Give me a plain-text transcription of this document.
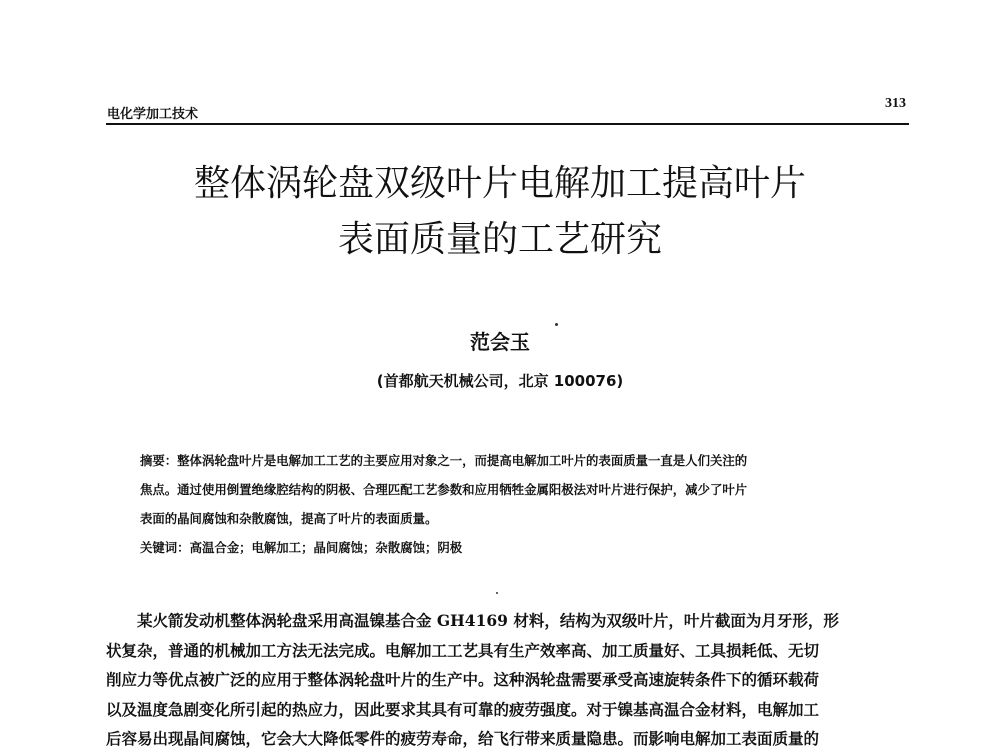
电化学加工技术
313
整体涡轮盘双级叶片电解加工提高叶片
表面质量的工艺研究
范会玉
(首都航天机械公司，北京 100076)

摘要：整体涡轮盘叶片是电解加工工艺的主要应用对象之一，而提高电解加工叶片的表面质量一直是人们关注的

焦点。通过使用倒置绝缘腔结构的阴极、合理匹配工艺参数和应用牺牲金属阳极法对叶片进行保护，减少了叶片

表面的晶间腐蚀和杂散腐蚀，提高了叶片的表面质量。

关键词：高温合金；电解加工；晶间腐蚀；杂散腐蚀；阴极

某火箭发动机整体涡轮盘采用高温镍基合金 GH4169 材料，结构为双级叶片，叶片截面为月牙形，形

状复杂，普通的机械加工方法无法完成。电解加工工艺具有生产效率高、加工质量好、工具损耗低、无切

削应力等优点被广泛的应用于整体涡轮盘叶片的生产中。这种涡轮盘需要承受高速旋转条件下的循环载荷

以及温度急剧变化所引起的热应力，因此要求其具有可靠的疲劳强度。对于镍基高温合金材料，电解加工

后容易出现晶间腐蚀，它会大大降低零件的疲劳寿命，给飞行带来质量隐患。而影响电解加工表面质量的
